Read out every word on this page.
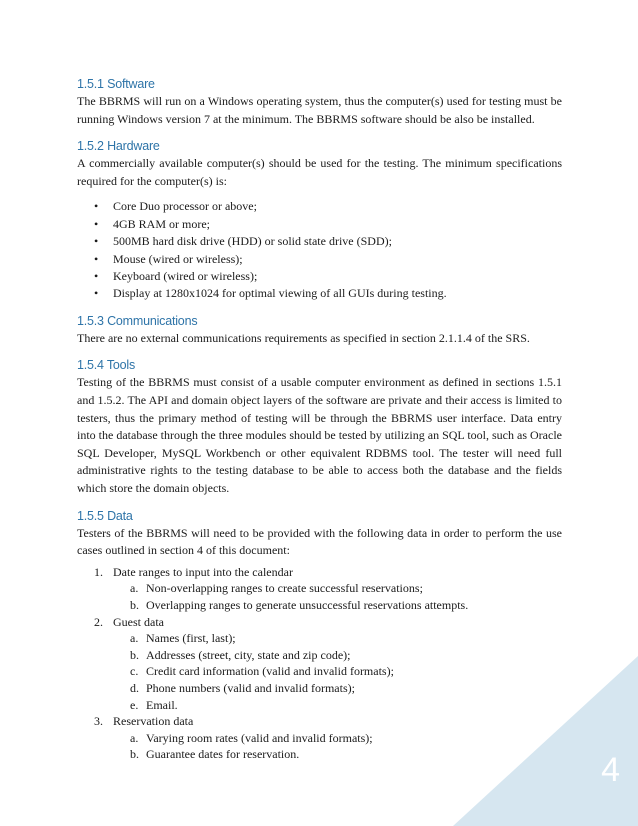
1.5.1 Software

The BBRMS will run on a Windows operating system, thus the computer(s) used for testing must be running Windows version 7 at the minimum. The BBRMS software should be also be installed.

1.5.2 Hardware

A commercially available computer(s) should be used for the testing. The minimum specifications required for the computer(s) is:

• Core Duo processor or above;
• 4GB RAM or more;
• 500MB hard disk drive (HDD) or solid state drive (SDD);
• Mouse (wired or wireless);
• Keyboard (wired or wireless);
• Display at 1280x1024 for optimal viewing of all GUIs during testing.
1.5.3 Communications

There are no external communications requirements as specified in section 2.1.1.4 of the SRS.

1.5.4 Tools

Testing of the BBRMS must consist of a usable computer environment as defined in sections 1.5.1 and 1.5.2. The API and domain object layers of the software are private and their access is limited to testers, thus the primary method of testing will be through the BBRMS user interface. Data entry into the database through the three modules should be tested by utilizing an SQL tool, such as Oracle SQL Developer, MySQL Workbench or other equivalent RDBMS tool. The tester will need full administrative rights to the testing database to be able to access both the database and the fields which store the domain objects.

1.5.5 Data

Testers of the BBRMS will need to be provided with the following data in order to perform the use cases outlined in section 4 of this document:

1. Date ranges to input into the calendar
a. Non-overlapping ranges to create successful reservations;
b. Overlapping ranges to generate unsuccessful reservations attempts.
2. Guest data
a. Names (first, last);
b. Addresses (street, city, state and zip code);
c. Credit card information (valid and invalid formats);
d. Phone numbers (valid and invalid formats);
e. Email.
3. Reservation data
a. Varying room rates (valid and invalid formats);
b. Guarantee dates for reservation.	4
